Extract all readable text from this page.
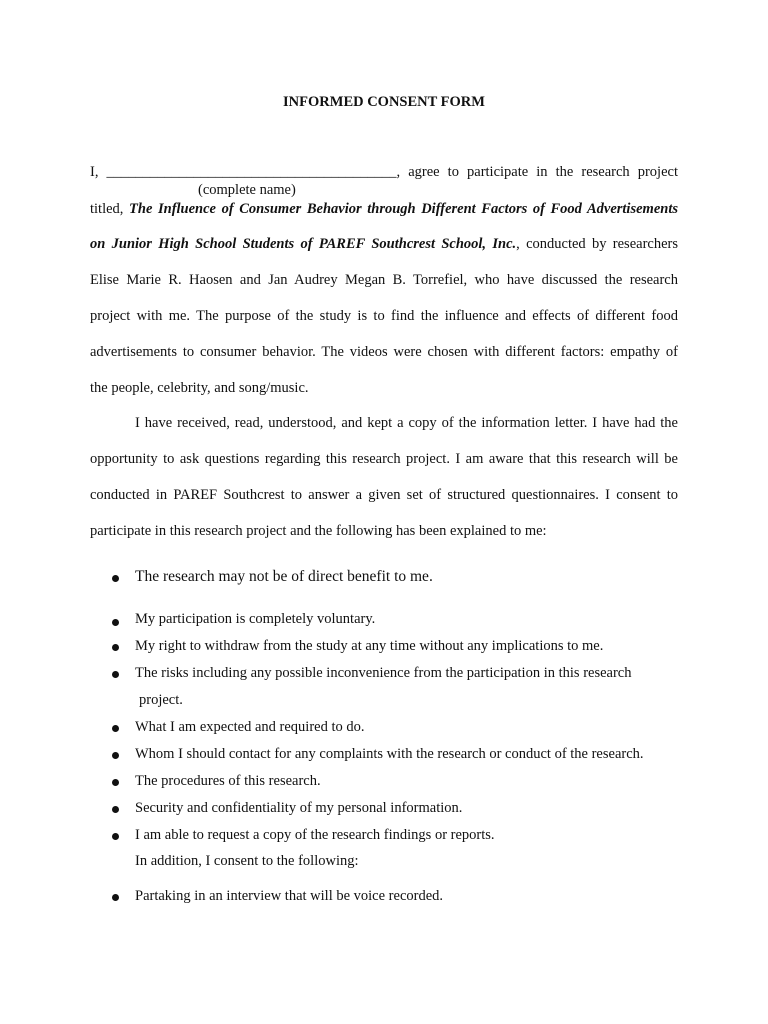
INFORMED CONSENT FORM
I, ________________________________________, agree to participate in the research project
(complete name)
titled, The Influence of Consumer Behavior through Different Factors of Food Advertisements
on Junior High School Students of PAREF Southcrest School, Inc., conducted by researchers
Elise Marie R. Haosen and Jan Audrey Megan B. Torrefiel, who have discussed the research
project with me. The purpose of the study is to find the influence and effects of different food
advertisements to consumer behavior. The videos were chosen with different factors: empathy of
the people, celebrity, and song/music.
I have received, read, understood, and kept a copy of the information letter. I have had the
opportunity to ask questions regarding this research project. I am aware that this research will be
conducted in PAREF Southcrest to answer a given set of structured questionnaires. I consent to
participate in this research project and the following has been explained to me:
The research may not be of direct benefit to me.
My participation is completely voluntary.
My right to withdraw from the study at any time without any implications to me.
The risks including any possible inconvenience from the participation in this research
project.
What I am expected and required to do.
Whom I should contact for any complaints with the research or conduct of the research.
The procedures of this research.
Security and confidentiality of my personal information.
I am able to request a copy of the research findings or reports.
In addition, I consent to the following:
Partaking in an interview that will be voice recorded.
